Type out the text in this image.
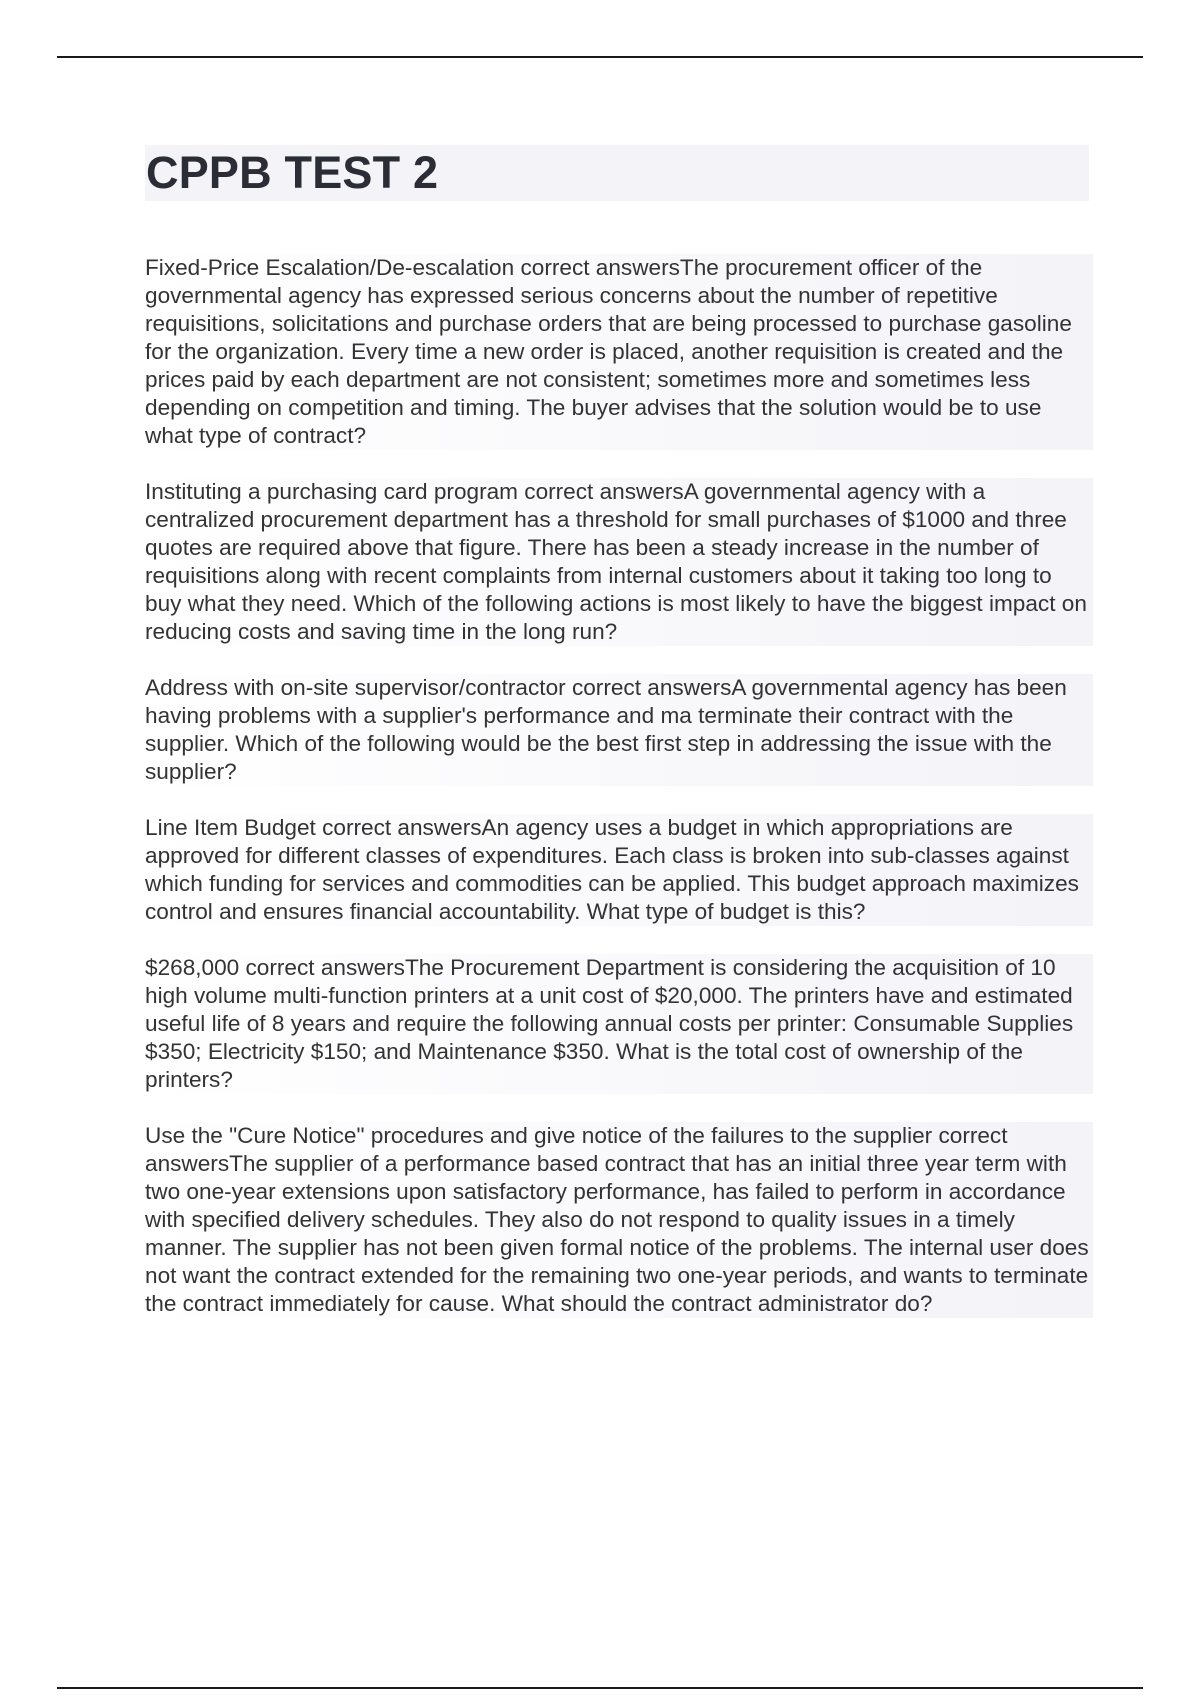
CPPB TEST 2

Fixed-Price Escalation/De-escalation correct answersThe procurement officer of the governmental agency has expressed serious concerns about the number of repetitive requisitions, solicitations and purchase orders that are being processed to purchase gasoline for the organization. Every time a new order is placed, another requisition is created and the prices paid by each department are not consistent; sometimes more and sometimes less depending on competition and timing. The buyer advises that the solution would be to use what type of contract?

Instituting a purchasing card program correct answersA governmental agency with a centralized procurement department has a threshold for small purchases of $1000 and three quotes are required above that figure. There has been a steady increase in the number of requisitions along with recent complaints from internal customers about it taking too long to buy what they need. Which of the following actions is most likely to have the biggest impact on reducing costs and saving time in the long run?

Address with on-site supervisor/contractor correct answersA governmental agency has been having problems with a supplier's performance and ma terminate their contract with the supplier. Which of the following would be the best first step in addressing the issue with the supplier?

Line Item Budget correct answersAn agency uses a budget in which appropriations are approved for different classes of expenditures. Each class is broken into sub-classes against which funding for services and commodities can be applied. This budget approach maximizes control and ensures financial accountability. What type of budget is this?

$268,000 correct answersThe Procurement Department is considering the acquisition of 10 high volume multi-function printers at a unit cost of $20,000. The printers have and estimated useful life of 8 years and require the following annual costs per printer: Consumable Supplies $350; Electricity $150; and Maintenance $350. What is the total cost of ownership of the printers?

Use the "Cure Notice" procedures and give notice of the failures to the supplier correct answersThe supplier of a performance based contract that has an initial three year term with two one-year extensions upon satisfactory performance, has failed to perform in accordance with specified delivery schedules. They also do not respond to quality issues in a timely manner. The supplier has not been given formal notice of the problems. The internal user does not want the contract extended for the remaining two one-year periods, and wants to terminate the contract immediately for cause. What should the contract administrator do?
